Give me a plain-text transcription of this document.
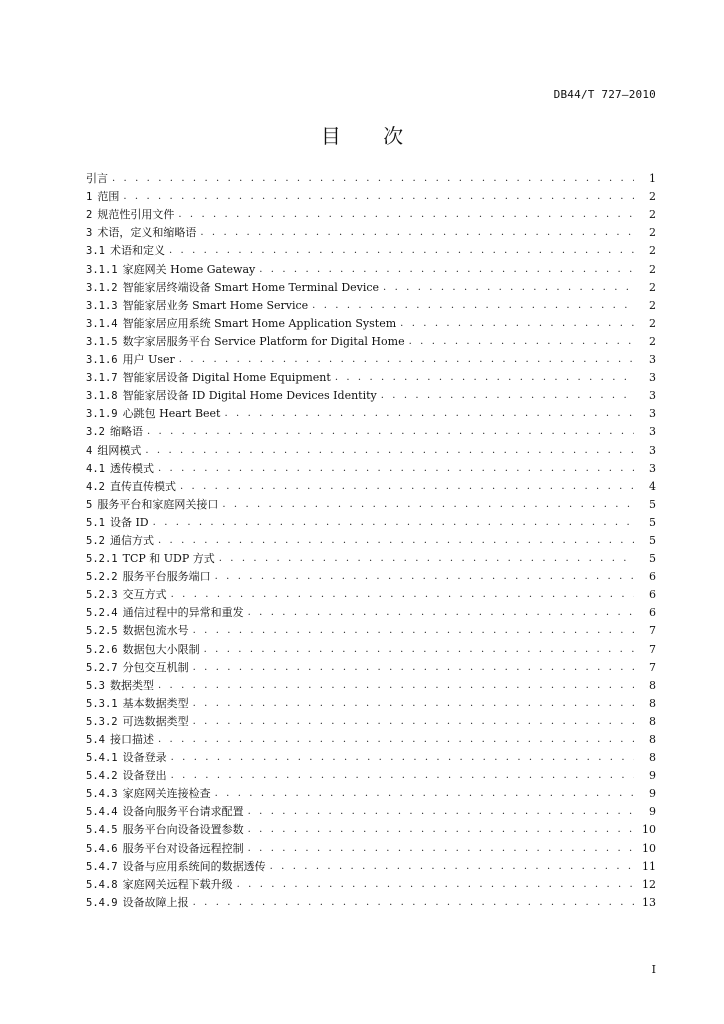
DB44/T 727—2010
目 次
引言 . . .	1
1 范围 . . .	2
2 规范性引用文件 . . .	2
3 术语，定义和缩略语 . . .	2
3.1 术语和定义 . . .	2
3.1.1 家庭网关 Home Gateway . . .	2
3.1.2 智能家居终端设备 Smart Home Terminal Device . . .	2
3.1.3 智能家居业务 Smart Home Service . . .	2
3.1.4 智能家居应用系统 Smart Home Application System . . .	2
3.1.5 数字家居服务平台 Service Platform for Digital Home . . .	2
3.1.6 用户 User . . .	3
3.1.7 智能家居设备 Digital Home Equipment . . .	3
3.1.8 智能家居设备 ID Digital Home Devices Identity . . .	3
3.1.9 心跳包 Heart Beet . . .	3
3.2 缩略语 . . .	3
4 组网模式 . . .	3
4.1 透传模式 . . .	3
4.2 直传直传模式 . . .	4
5 服务平台和家庭网关接口 . . .	5
5.1 设备 ID . . .	5
5.2 通信方式 . . .	5
5.2.1 TCP 和 UDP 方式 . . .	5
5.2.2 服务平台服务端口 . . .	6
5.2.3 交互方式 . . .	6
5.2.4 通信过程中的异常和重发 . . .	6
5.2.5 数据包流水号 . . .	7
5.2.6 数据包大小限制 . . .	7
5.2.7 分包交互机制 . . .	7
5.3 数据类型 . . .	8
5.3.1 基本数据类型 . . .	8
5.3.2 可选数据类型 . . .	8
5.4 接口描述 . . .	8
5.4.1 设备登录 . . .	8
5.4.2 设备登出 . . .	9
5.4.3 家庭网关连接检查 . . .	9
5.4.4 设备向服务平台请求配置 . . .	9
5.4.5 服务平台向设备设置参数 . . .	10
5.4.6 服务平台对设备远程控制 . . .	10
5.4.7 设备与应用系统间的数据透传 . . .	11
5.4.8 家庭网关远程下载升级 . . .	12
5.4.9 设备故障上报 . . .	13
I
